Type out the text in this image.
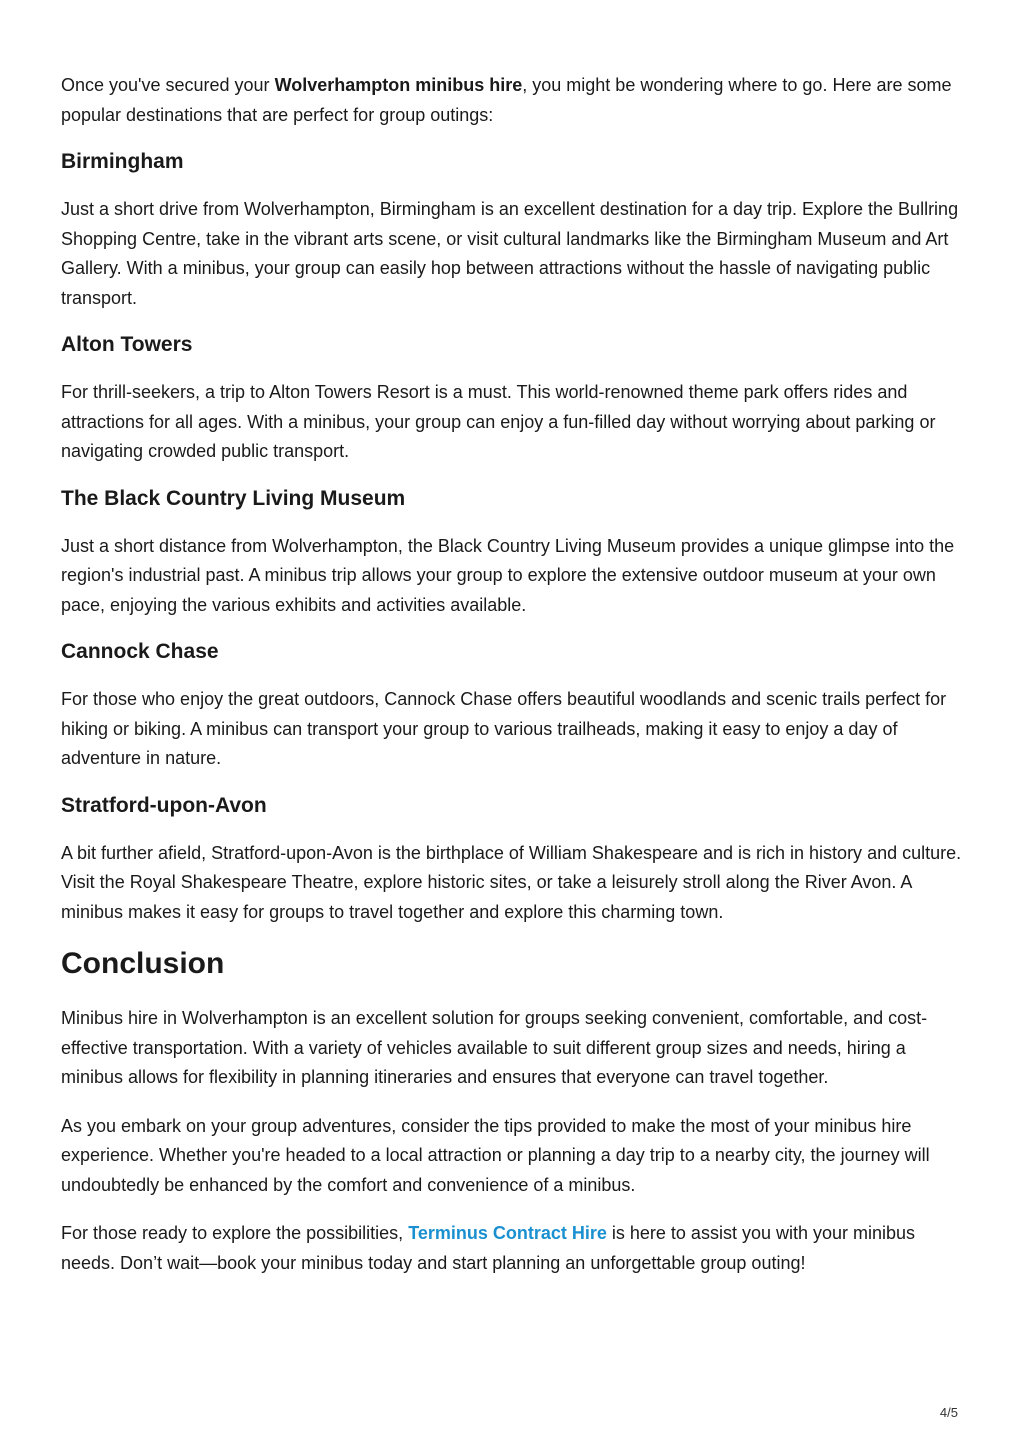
Once you've secured your Wolverhampton minibus hire, you might be wondering where to go. Here are some popular destinations that are perfect for group outings:

Birmingham

Just a short drive from Wolverhampton, Birmingham is an excellent destination for a day trip. Explore the Bullring Shopping Centre, take in the vibrant arts scene, or visit cultural landmarks like the Birmingham Museum and Art Gallery. With a minibus, your group can easily hop between attractions without the hassle of navigating public transport.

Alton Towers

For thrill-seekers, a trip to Alton Towers Resort is a must. This world-renowned theme park offers rides and attractions for all ages. With a minibus, your group can enjoy a fun-filled day without worrying about parking or navigating crowded public transport.

The Black Country Living Museum

Just a short distance from Wolverhampton, the Black Country Living Museum provides a unique glimpse into the region's industrial past. A minibus trip allows your group to explore the extensive outdoor museum at your own pace, enjoying the various exhibits and activities available.

Cannock Chase

For those who enjoy the great outdoors, Cannock Chase offers beautiful woodlands and scenic trails perfect for hiking or biking. A minibus can transport your group to various trailheads, making it easy to enjoy a day of adventure in nature.

Stratford-upon-Avon

A bit further afield, Stratford-upon-Avon is the birthplace of William Shakespeare and is rich in history and culture. Visit the Royal Shakespeare Theatre, explore historic sites, or take a leisurely stroll along the River Avon. A minibus makes it easy for groups to travel together and explore this charming town.

Conclusion

Minibus hire in Wolverhampton is an excellent solution for groups seeking convenient, comfortable, and cost-effective transportation. With a variety of vehicles available to suit different group sizes and needs, hiring a minibus allows for flexibility in planning itineraries and ensures that everyone can travel together.

As you embark on your group adventures, consider the tips provided to make the most of your minibus hire experience. Whether you're headed to a local attraction or planning a day trip to a nearby city, the journey will undoubtedly be enhanced by the comfort and convenience of a minibus.

For those ready to explore the possibilities, Terminus Contract Hire is here to assist you with your minibus needs. Don’t wait—book your minibus today and start planning an unforgettable group outing!

4/5
